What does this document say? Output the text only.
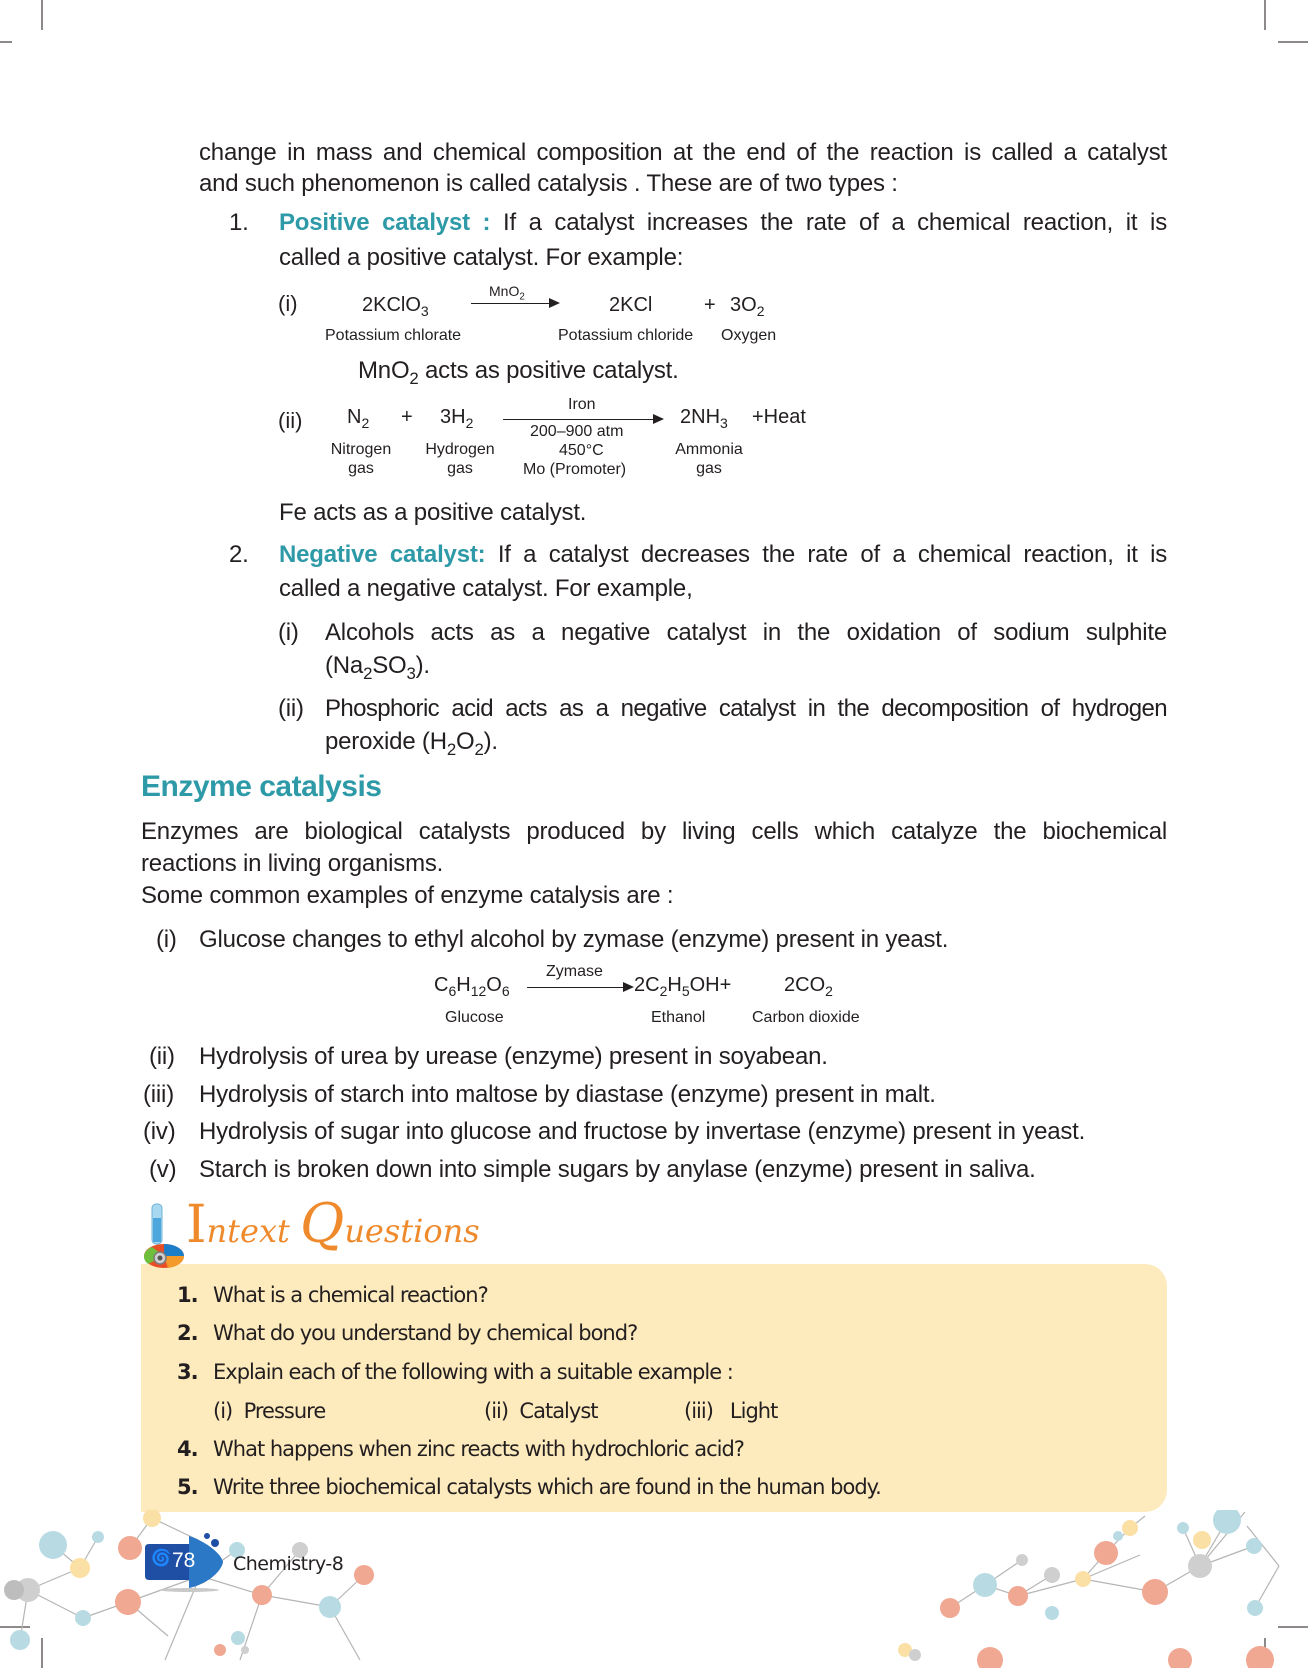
change in mass and chemical composition at the end of the reaction is called a catalyst
and such phenomenon is called catalysis . These are of two types :
1. Positive catalyst : If a catalyst increases the rate of a chemical reaction, it is
called a positive catalyst. For example:
(i)	2KClO$_3$
MnO$_2$	2KCl	+ $3O_2$
Potassium chlorate	Potassium chloride Oxygen
MnO$_2$ acts as positive catalyst.
(ii) $N_2 + 3H_2$
Iron
200–900 atm
450°C
Mo (Promoter)
$2NH_3$ +Heat
Nitrogen
gas
Hydrogen
gas
Ammonia
gas
Fe acts as a positive catalyst.
2. Negative catalyst: If a catalyst decreases the rate of a chemical reaction, it is
called a negative catalyst. For example,
(i) Alcohols acts as a negative catalyst in the oxidation of sodium sulphite
$(Na_2SO_3)$.
(ii) Phosphoric acid acts as a negative catalyst in the decomposition of hydrogen
peroxide $(H_2O_2)$.
Enzyme catalysis
Enzymes are biological catalysts produced by living cells which catalyze the biochemical
reactions in living organisms.
Some common examples of enzyme catalysis are :
(i) Glucose changes to ethyl alcohol by zymase (enzyme) present in yeast.
$C_6H_{12}O_6$
Zymase
$2C_2H_5OH+$	$2CO_2$
Glucose	Ethanol	Carbon dioxide
(ii) Hydrolysis of urea by urease (enzyme) present in soyabean.
(iii) Hydrolysis of starch into maltose by diastase (enzyme) present in malt.
(iv) Hydrolysis of sugar into glucose and fructose by invertase (enzyme) present in yeast.
(v) Starch is broken down into simple sugars by anylase (enzyme) present in saliva.
Intext Questions
1. What is a chemical reaction?
2. What do you understand by chemical bond?
3. Explain each of the following with a suitable example :
(i) Pressure	(ii) Catalyst	(iii) Light
4. What happens when zinc reacts with hydrochloric acid?
5. Write three biochemical catalysts which are found in the human body.
🌀 78 Chemistry-8
